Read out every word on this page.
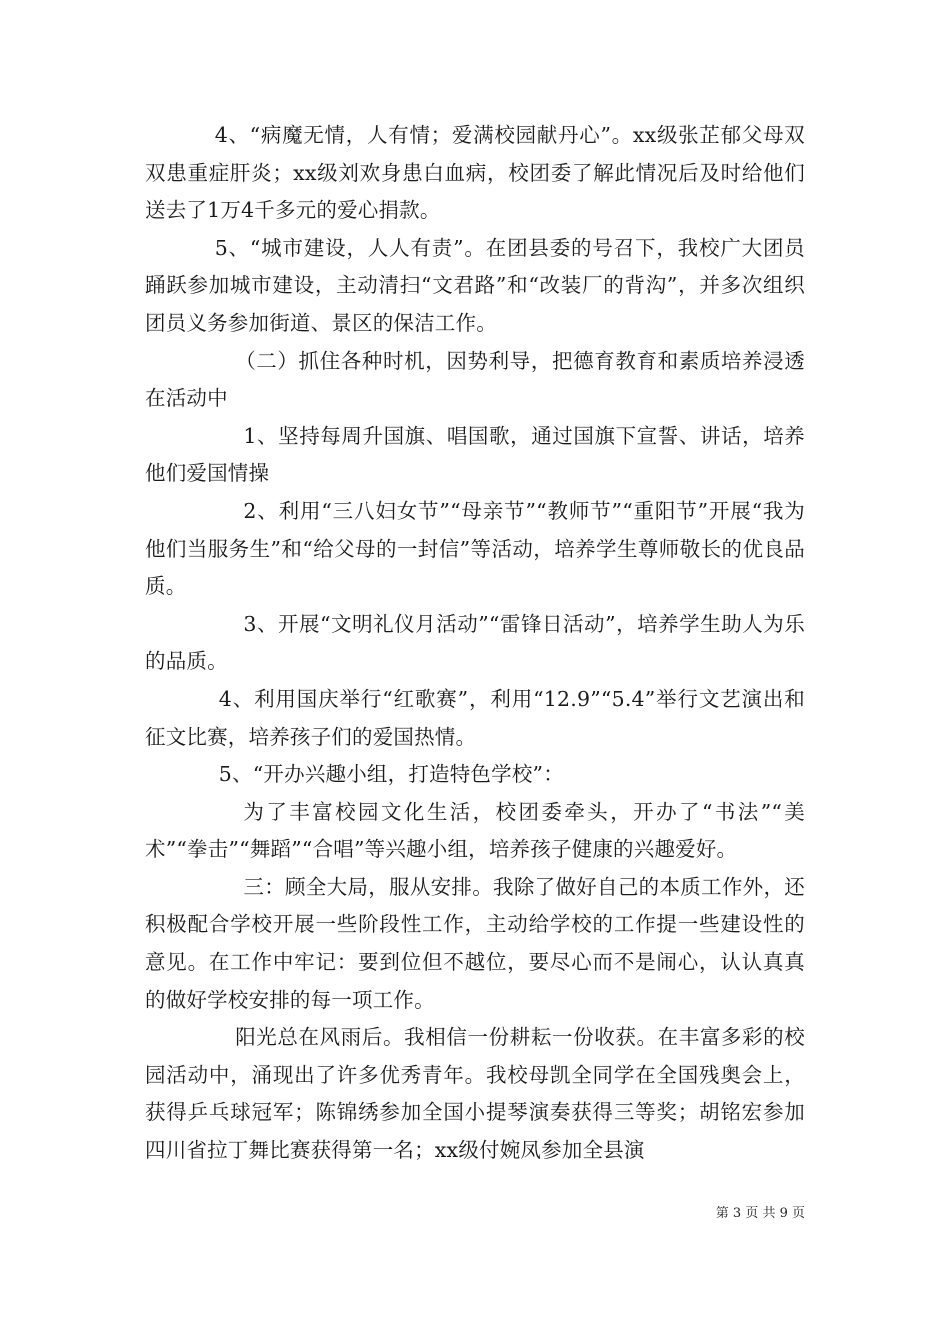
4、“病魔无情，人有情；爱满校园献丹心”。xx级张芷郁父母双双患重症肝炎；xx级刘欢身患白血病，校团委了解此情况后及时给他们送去了1万4千多元的爱心捐款。

5、“城市建设，人人有责”。在团县委的号召下，我校广大团员踊跃参加城市建设，主动清扫“文君路”和“改装厂的背沟”，并多次组织团员义务参加街道、景区的保洁工作。

（二）抓住各种时机，因势利导，把德育教育和素质培养浸透在活动中

1、坚持每周升国旗、唱国歌，通过国旗下宣誓、讲话，培养他们爱国情操

2、利用“三八妇女节”“母亲节”“教师节”“重阳节”开展“我为他们当服务生”和“给父母的一封信”等活动，培养学生尊师敬长的优良品质。

3、开展“文明礼仪月活动”“雷锋日活动”，培养学生助人为乐的品质。

4、利用国庆举行“红歌赛”，利用“12.9”“5.4”举行文艺演出和征文比赛，培养孩子们的爱国热情。

5、“开办兴趣小组，打造特色学校”：

为了丰富校园文化生活，校团委牵头，开办了“书法”“美术”“拳击”“舞蹈”“合唱”等兴趣小组，培养孩子健康的兴趣爱好。

三：顾全大局，服从安排。我除了做好自己的本质工作外，还积极配合学校开展一些阶段性工作，主动给学校的工作提一些建设性的意见。在工作中牢记：要到位但不越位，要尽心而不是闹心，认认真真的做好学校安排的每一项工作。

阳光总在风雨后。我相信一份耕耘一份收获。在丰富多彩的校园活动中，涌现出了许多优秀青年。我校母凯全同学在全国残奥会上，获得乒乓球冠军；陈锦绣参加全国小提琴演奏获得三等奖；胡铭宏参加四川省拉丁舞比赛获得第一名；xx级付婉凤参加全县演

第 3 页 共 9 页
